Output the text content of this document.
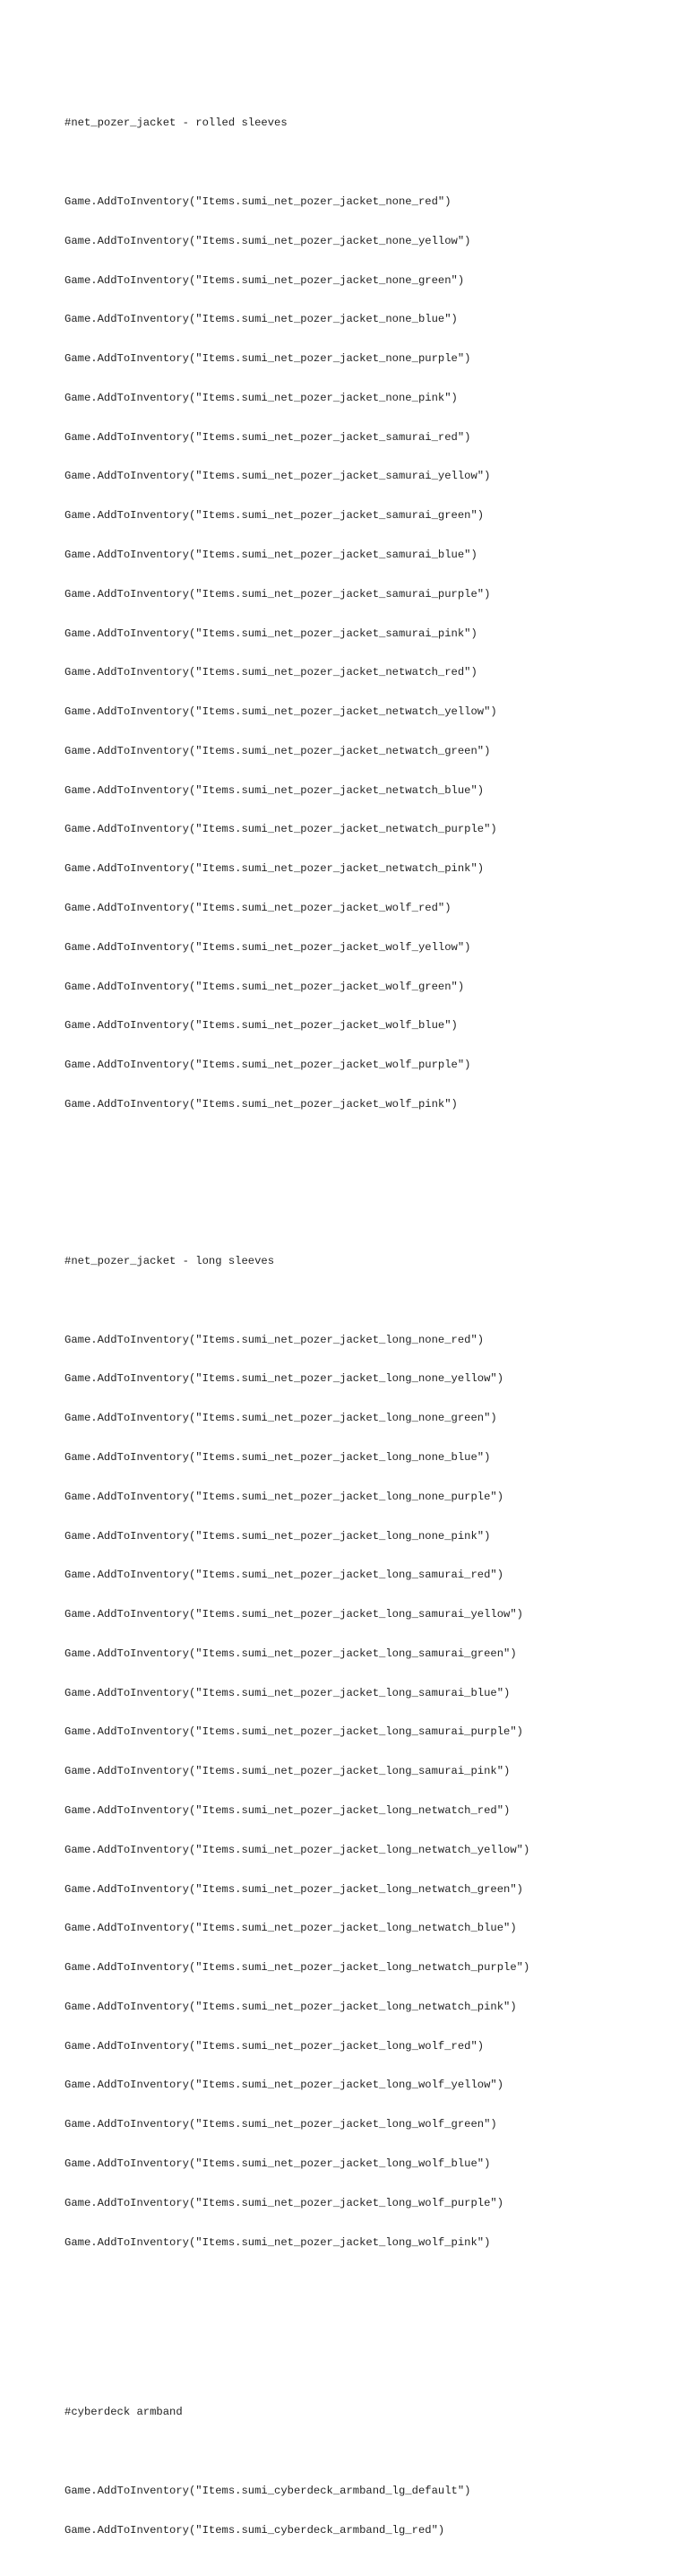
#net_pozer_jacket - rolled sleeves

Game.AddToInventory("Items.sumi_net_pozer_jacket_none_red")

Game.AddToInventory("Items.sumi_net_pozer_jacket_none_yellow")

Game.AddToInventory("Items.sumi_net_pozer_jacket_none_green")

Game.AddToInventory("Items.sumi_net_pozer_jacket_none_blue")

Game.AddToInventory("Items.sumi_net_pozer_jacket_none_purple")

Game.AddToInventory("Items.sumi_net_pozer_jacket_none_pink")

Game.AddToInventory("Items.sumi_net_pozer_jacket_samurai_red")

Game.AddToInventory("Items.sumi_net_pozer_jacket_samurai_yellow")

Game.AddToInventory("Items.sumi_net_pozer_jacket_samurai_green")

Game.AddToInventory("Items.sumi_net_pozer_jacket_samurai_blue")

Game.AddToInventory("Items.sumi_net_pozer_jacket_samurai_purple")

Game.AddToInventory("Items.sumi_net_pozer_jacket_samurai_pink")

Game.AddToInventory("Items.sumi_net_pozer_jacket_netwatch_red")

Game.AddToInventory("Items.sumi_net_pozer_jacket_netwatch_yellow")

Game.AddToInventory("Items.sumi_net_pozer_jacket_netwatch_green")

Game.AddToInventory("Items.sumi_net_pozer_jacket_netwatch_blue")

Game.AddToInventory("Items.sumi_net_pozer_jacket_netwatch_purple")

Game.AddToInventory("Items.sumi_net_pozer_jacket_netwatch_pink")

Game.AddToInventory("Items.sumi_net_pozer_jacket_wolf_red")

Game.AddToInventory("Items.sumi_net_pozer_jacket_wolf_yellow")

Game.AddToInventory("Items.sumi_net_pozer_jacket_wolf_green")

Game.AddToInventory("Items.sumi_net_pozer_jacket_wolf_blue")

Game.AddToInventory("Items.sumi_net_pozer_jacket_wolf_purple")

Game.AddToInventory("Items.sumi_net_pozer_jacket_wolf_pink")

#net_pozer_jacket - long sleeves

Game.AddToInventory("Items.sumi_net_pozer_jacket_long_none_red")

Game.AddToInventory("Items.sumi_net_pozer_jacket_long_none_yellow")

Game.AddToInventory("Items.sumi_net_pozer_jacket_long_none_green")

Game.AddToInventory("Items.sumi_net_pozer_jacket_long_none_blue")

Game.AddToInventory("Items.sumi_net_pozer_jacket_long_none_purple")

Game.AddToInventory("Items.sumi_net_pozer_jacket_long_none_pink")

Game.AddToInventory("Items.sumi_net_pozer_jacket_long_samurai_red")

Game.AddToInventory("Items.sumi_net_pozer_jacket_long_samurai_yellow")

Game.AddToInventory("Items.sumi_net_pozer_jacket_long_samurai_green")

Game.AddToInventory("Items.sumi_net_pozer_jacket_long_samurai_blue")

Game.AddToInventory("Items.sumi_net_pozer_jacket_long_samurai_purple")

Game.AddToInventory("Items.sumi_net_pozer_jacket_long_samurai_pink")

Game.AddToInventory("Items.sumi_net_pozer_jacket_long_netwatch_red")

Game.AddToInventory("Items.sumi_net_pozer_jacket_long_netwatch_yellow")

Game.AddToInventory("Items.sumi_net_pozer_jacket_long_netwatch_green")

Game.AddToInventory("Items.sumi_net_pozer_jacket_long_netwatch_blue")

Game.AddToInventory("Items.sumi_net_pozer_jacket_long_netwatch_purple")

Game.AddToInventory("Items.sumi_net_pozer_jacket_long_netwatch_pink")

Game.AddToInventory("Items.sumi_net_pozer_jacket_long_wolf_red")

Game.AddToInventory("Items.sumi_net_pozer_jacket_long_wolf_yellow")

Game.AddToInventory("Items.sumi_net_pozer_jacket_long_wolf_green")

Game.AddToInventory("Items.sumi_net_pozer_jacket_long_wolf_blue")

Game.AddToInventory("Items.sumi_net_pozer_jacket_long_wolf_purple")

Game.AddToInventory("Items.sumi_net_pozer_jacket_long_wolf_pink")

#cyberdeck armband

Game.AddToInventory("Items.sumi_cyberdeck_armband_lg_default")

Game.AddToInventory("Items.sumi_cyberdeck_armband_lg_red")
